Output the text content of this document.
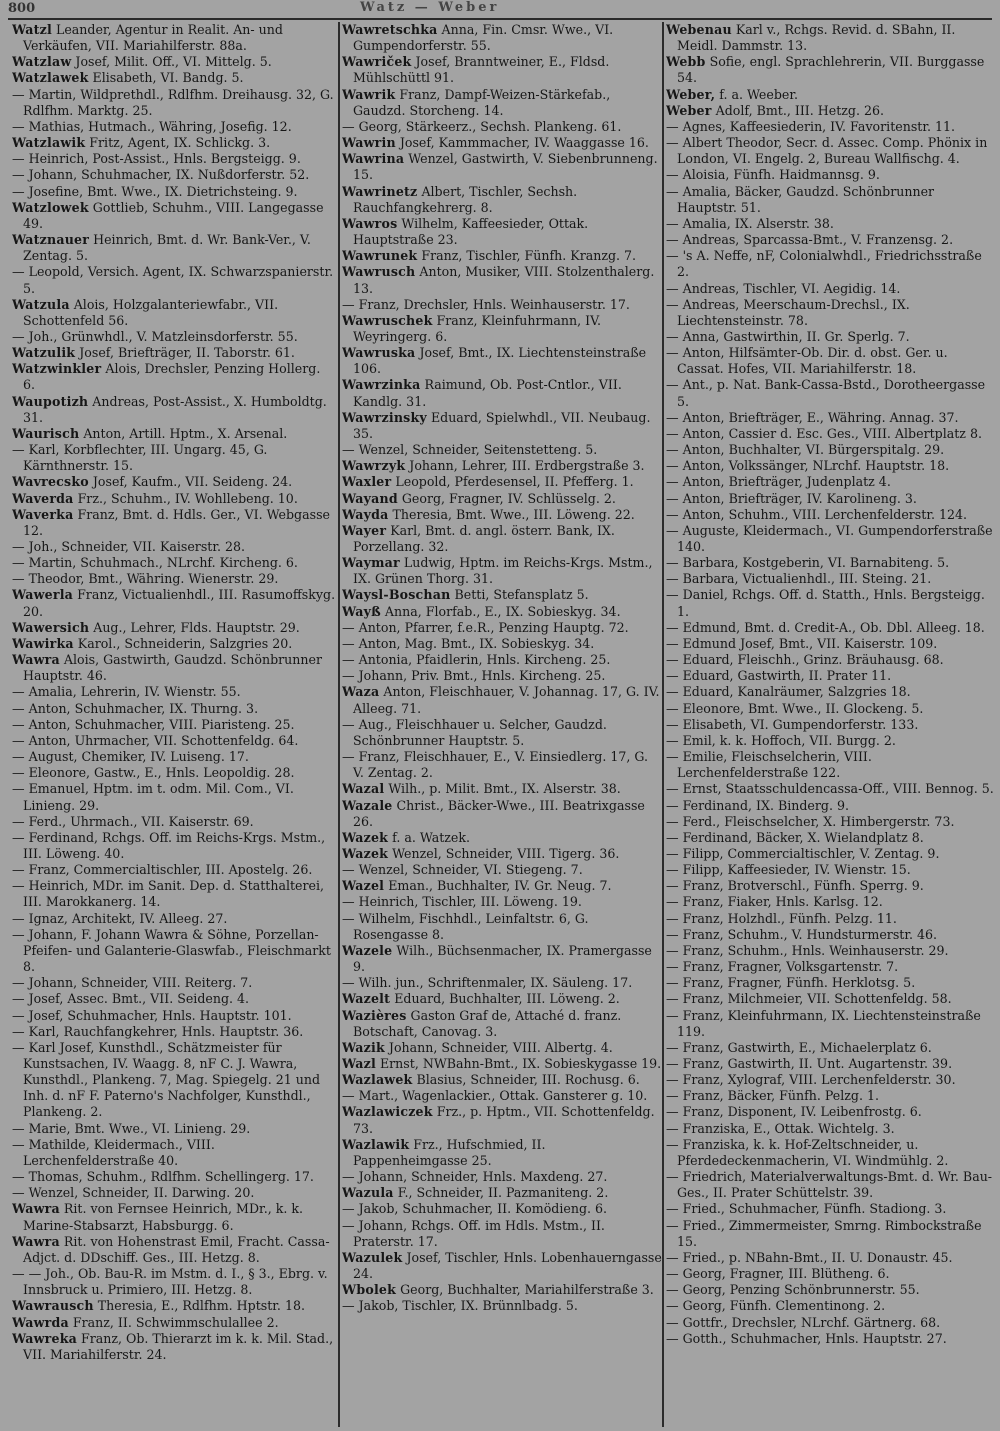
800	Watz — Weber

Watzl Leander, Agentur in Realit. An- und Verkäufen, VII. Mariahilferstr. 88a.

Watzlaw Josef, Milit. Off., VI. Mittelg. 5.

Watzlawek Elisabeth, VI. Bandg. 5.

— Martin, Wildprethdl., Rdlfhm. Dreihausg. 32, G. Rdlfhm. Marktg. 25.

— Mathias, Hutmach., Währing, Josefig. 12.

Watzlawik Fritz, Agent, IX. Schlickg. 3.

— Heinrich, Post-Assist., Hnls. Bergsteigg. 9.

— Johann, Schuhmacher, IX. Nußdorferstr. 52.

— Josefine, Bmt. Wwe., IX. Dietrichsteing. 9.

Watzlowek Gottlieb, Schuhm., VIII. Langegasse 49.

Watznauer Heinrich, Bmt. d. Wr. Bank-Ver., V. Zentag. 5.

— Leopold, Versich. Agent, IX. Schwarzspanierstr. 5.

Watzula Alois, Holzgalanteriewfabr., VII. Schottenfeld 56.

— Joh., Grünwhdl., V. Matzleinsdorferstr. 55.

Watzulik Josef, Briefträger, II. Taborstr. 61.

Watzwinkler Alois, Drechsler, Penzing Hollerg. 6.

Waupotizh Andreas, Post-Assist., X. Humboldtg. 31.

Waurisch Anton, Artill. Hptm., X. Arsenal.

— Karl, Korbflechter, III. Ungarg. 45, G. Kärnthnerstr. 15.

Wavrecsko Josef, Kaufm., VII. Seideng. 24.

Waverda Frz., Schuhm., IV. Wohllebeng. 10.

Waverka Franz, Bmt. d. Hdls. Ger., VI. Webgasse 12.

— Joh., Schneider, VII. Kaiserstr. 28.

— Martin, Schuhmach., NLrchf. Kircheng. 6.

— Theodor, Bmt., Währing. Wienerstr. 29.

Wawerla Franz, Victualienhdl., III. Rasumoffskyg. 20.

Wawersich Aug., Lehrer, Flds. Hauptstr. 29.

Wawirka Karol., Schneiderin, Salzgries 20.

Wawra Alois, Gastwirth, Gaudzd. Schönbrunner Hauptstr. 46.

— Amalia, Lehrerin, IV. Wienstr. 55.

— Anton, Schuhmacher, IX. Thurng. 3.

— Anton, Schuhmacher, VIII. Piaristeng. 25.

— Anton, Uhrmacher, VII. Schottenfeldg. 64.

— August, Chemiker, IV. Luiseng. 17.

— Eleonore, Gastw., E., Hnls. Leopoldig. 28.

— Emanuel, Hptm. im t. odm. Mil. Com., VI. Linieng. 29.

— Ferd., Uhrmach., VII. Kaiserstr. 69.

— Ferdinand, Rchgs. Off. im Reichs-Krgs. Mstm., III. Löweng. 40.

— Franz, Commercialtischler, III. Apostelg. 26.

— Heinrich, MDr. im Sanit. Dep. d. Statthalterei, III. Marokkanerg. 14.

— Ignaz, Architekt, IV. Alleeg. 27.

— Johann, F. Johann Wawra & Söhne, Porzellan-Pfeifen- und Galanterie-Glaswfab., Fleischmarkt 8.

— Johann, Schneider, VIII. Reiterg. 7.

— Josef, Assec. Bmt., VII. Seideng. 4.

— Josef, Schuhmacher, Hnls. Hauptstr. 101.

— Karl, Rauchfangkehrer, Hnls. Hauptstr. 36.

— Karl Josef, Kunsthdl., Schätzmeister für Kunstsachen, IV. Waagg. 8, nF C. J. Wawra, Kunsthdl., Plankeng. 7, Mag. Spiegelg. 21 und Inh. d. nF F. Paterno's Nachfolger, Kunsthdl., Plankeng. 2.

— Marie, Bmt. Wwe., VI. Linieng. 29.

— Mathilde, Kleidermach., VIII. Lerchenfelderstraße 40.

— Thomas, Schuhm., Rdlfhm. Schellingerg. 17.

— Wenzel, Schneider, II. Darwing. 20.

Wawra Rit. von Fernsee Heinrich, MDr., k. k. Marine-Stabsarzt, Habsburgg. 6.

Wawra Rit. von Hohenstrast Emil, Fracht. Cassa-Adjct. d. DDschiff. Ges., III. Hetzg. 8.

— — Joh., Ob. Bau-R. im Mstm. d. I., § 3., Ebrg. v. Innsbruck u. Primiero, III. Hetzg. 8.

Wawrausch Theresia, E., Rdlfhm. Hptstr. 18.

Wawrda Franz, II. Schwimmschulallee 2.

Wawreka Franz, Ob. Thierarzt im k. k. Mil. Stad., VII. Mariahilferstr. 24.

Wawretschka Anna, Fin. Cmsr. Wwe., VI. Gumpendorferstr. 55.

Wawriček Josef, Branntweiner, E., Fldsd. Mühlschüttl 91.

Wawrik Franz, Dampf-Weizen-Stärkefab., Gaudzd. Storcheng. 14.

— Georg, Stärkeerz., Sechsh. Plankeng. 61.

Wawrin Josef, Kammmacher, IV. Waaggasse 16.

Wawrina Wenzel, Gastwirth, V. Siebenbrunneng. 15.

Wawrinetz Albert, Tischler, Sechsh. Rauchfangkehrerg. 8.

Wawros Wilhelm, Kaffeesieder, Ottak. Hauptstraße 23.

Wawrunek Franz, Tischler, Fünfh. Kranzg. 7.

Wawrusch Anton, Musiker, VIII. Stolzenthalerg. 13.

— Franz, Drechsler, Hnls. Weinhauserstr. 17.

Wawruschek Franz, Kleinfuhrmann, IV. Weyringerg. 6.

Wawruska Josef, Bmt., IX. Liechtensteinstraße 106.

Wawrzinka Raimund, Ob. Post-Cntlor., VII. Kandlg. 31.

Wawrzinsky Eduard, Spielwhdl., VII. Neubaug. 35.

— Wenzel, Schneider, Seitenstetteng. 5.

Wawrzyk Johann, Lehrer, III. Erdbergstraße 3.

Waxler Leopold, Pferdesensel, II. Pfefferg. 1.

Wayand Georg, Fragner, IV. Schlüsselg. 2.

Wayda Theresia, Bmt. Wwe., III. Löweng. 22.

Wayer Karl, Bmt. d. angl. österr. Bank, IX. Porzellang. 32.

Waymar Ludwig, Hptm. im Reichs-Krgs. Mstm., IX. Grünen Thorg. 31.

Waysl-Boschan Betti, Stefansplatz 5.

Wayß Anna, Florfab., E., IX. Sobieskyg. 34.

— Anton, Pfarrer, f.e.R., Penzing Hauptg. 72.

— Anton, Mag. Bmt., IX. Sobieskyg. 34.

— Antonia, Pfaidlerin, Hnls. Kircheng. 25.

— Johann, Priv. Bmt., Hnls. Kircheng. 25.

Waza Anton, Fleischhauer, V. Johannag. 17, G. IV. Alleeg. 71.

— Aug., Fleischhauer u. Selcher, Gaudzd. Schönbrunner Hauptstr. 5.

— Franz, Fleischhauer, E., V. Einsiedlerg. 17, G. V. Zentag. 2.

Wazal Wilh., p. Milit. Bmt., IX. Alserstr. 38.

Wazale Christ., Bäcker-Wwe., III. Beatrixgasse 26.

Wazek f. a. Watzek.

Wazek Wenzel, Schneider, VIII. Tigerg. 36.

— Wenzel, Schneider, VI. Stiegeng. 7.

Wazel Eman., Buchhalter, IV. Gr. Neug. 7.

— Heinrich, Tischler, III. Löweng. 19.

— Wilhelm, Fischhdl., Leinfaltstr. 6, G. Rosengasse 8.

Wazele Wilh., Büchsenmacher, IX. Pramergasse 9.

— Wilh. jun., Schriftenmaler, IX. Säuleng. 17.

Wazelt Eduard, Buchhalter, III. Löweng. 2.

Wazières Gaston Graf de, Attaché d. franz. Botschaft, Canovag. 3.

Wazik Johann, Schneider, VIII. Albertg. 4.

Wazl Ernst, NWBahn-Bmt., IX. Sobieskygasse 19.

Wazlawek Blasius, Schneider, III. Rochusg. 6.

— Mart., Wagenlackier., Ottak. Gansterer g. 10.

Wazlawiczek Frz., p. Hptm., VII. Schottenfeldg. 73.

Wazlawik Frz., Hufschmied, II. Pappenheimgasse 25.

— Johann, Schneider, Hnls. Maxdeng. 27.

Wazula F., Schneider, II. Pazmaniteng. 2.

— Jakob, Schuhmacher, II. Komödieng. 6.

— Johann, Rchgs. Off. im Hdls. Mstm., II. Praterstr. 17.

Wazulek Josef, Tischler, Hnls. Lobenhauerngasse 24.

Wbolek Georg, Buchhalter, Mariahilferstraße 3.

— Jakob, Tischler, IX. Brünnlbadg. 5.

Webenau Karl v., Rchgs. Revid. d. SBahn, II. Meidl. Dammstr. 13.

Webb Sofie, engl. Sprachlehrerin, VII. Burggasse 54.

Weber, f. a. Weeber.

Weber Adolf, Bmt., III. Hetzg. 26.

— Agnes, Kaffeesiederin, IV. Favoritenstr. 11.

— Albert Theodor, Secr. d. Assec. Comp. Phönix in London, VI. Engelg. 2, Bureau Wallfischg. 4.

— Aloisia, Fünfh. Haidmannsg. 9.

— Amalia, Bäcker, Gaudzd. Schönbrunner Hauptstr. 51.

— Amalia, IX. Alserstr. 38.

— Andreas, Sparcassa-Bmt., V. Franzensg. 2.

— 's A. Neffe, nF, Colonialwhdl., Friedrichsstraße 2.

— Andreas, Tischler, VI. Aegidig. 14.

— Andreas, Meerschaum-Drechsl., IX. Liechtensteinstr. 78.

— Anna, Gastwirthin, II. Gr. Sperlg. 7.

— Anton, Hilfsämter-Ob. Dir. d. obst. Ger. u. Cassat. Hofes, VII. Mariahilferstr. 18.

— Ant., p. Nat. Bank-Cassa-Bstd., Dorotheergasse 5.

— Anton, Briefträger, E., Währing. Annag. 37.

— Anton, Cassier d. Esc. Ges., VIII. Albertplatz 8.

— Anton, Buchhalter, VI. Bürgerspitalg. 29.

— Anton, Volkssänger, NLrchf. Hauptstr. 18.

— Anton, Briefträger, Judenplatz 4.

— Anton, Briefträger, IV. Karolineng. 3.

— Anton, Schuhm., VIII. Lerchenfelderstr. 124.

— Auguste, Kleidermach., VI. Gumpendorferstraße 140.

— Barbara, Kostgeberin, VI. Barnabiteng. 5.

— Barbara, Victualienhdl., III. Steing. 21.

— Daniel, Rchgs. Off. d. Statth., Hnls. Bergsteigg. 1.

— Edmund, Bmt. d. Credit-A., Ob. Dbl. Alleeg. 18.

— Edmund Josef, Bmt., VII. Kaiserstr. 109.

— Eduard, Fleischh., Grinz. Bräuhausg. 68.

— Eduard, Gastwirth, II. Prater 11.

— Eduard, Kanalräumer, Salzgries 18.

— Eleonore, Bmt. Wwe., II. Glockeng. 5.

— Elisabeth, VI. Gumpendorferstr. 133.

— Emil, k. k. Hoffoch, VII. Burgg. 2.

— Emilie, Fleischselcherin, VIII. Lerchenfelderstraße 122.

— Ernst, Staatsschuldencassa-Off., VIII. Bennog. 5.

— Ferdinand, IX. Binderg. 9.

— Ferd., Fleischselcher, X. Himbergerstr. 73.

— Ferdinand, Bäcker, X. Wielandplatz 8.

— Filipp, Commercialtischler, V. Zentag. 9.

— Filipp, Kaffeesieder, IV. Wienstr. 15.

— Franz, Brotverschl., Fünfh. Sperrg. 9.

— Franz, Fiaker, Hnls. Karlsg. 12.

— Franz, Holzhdl., Fünfh. Pelzg. 11.

— Franz, Schuhm., V. Hundsturmerstr. 46.

— Franz, Schuhm., Hnls. Weinhauserstr. 29.

— Franz, Fragner, Volksgartenstr. 7.

— Franz, Fragner, Fünfh. Herklotsg. 5.

— Franz, Milchmeier, VII. Schottenfeldg. 58.

— Franz, Kleinfuhrmann, IX. Liechtensteinstraße 119.

— Franz, Gastwirth, E., Michaelerplatz 6.

— Franz, Gastwirth, II. Unt. Augartenstr. 39.

— Franz, Xylograf, VIII. Lerchenfelderstr. 30.

— Franz, Bäcker, Fünfh. Pelzg. 1.

— Franz, Disponent, IV. Leibenfrostg. 6.

— Franziska, E., Ottak. Wichtelg. 3.

— Franziska, k. k. Hof-Zeltschneider, u. Pferdedeckenmacherin, VI. Windmühlg. 2.

— Friedrich, Materialverwaltungs-Bmt. d. Wr. Bau-Ges., II. Prater Schüttelstr. 39.

— Fried., Schuhmacher, Fünfh. Stadiong. 3.

— Fried., Zimmermeister, Smrng. Rimbockstraße 15.

— Fried., p. NBahn-Bmt., II. U. Donaustr. 45.

— Georg, Fragner, III. Blütheng. 6.

— Georg, Penzing Schönbrunnerstr. 55.

— Georg, Fünfh. Clementinong. 2.

— Gottfr., Drechsler, NLrchf. Gärtnerg. 68.

— Gotth., Schuhmacher, Hnls. Hauptstr. 27.
